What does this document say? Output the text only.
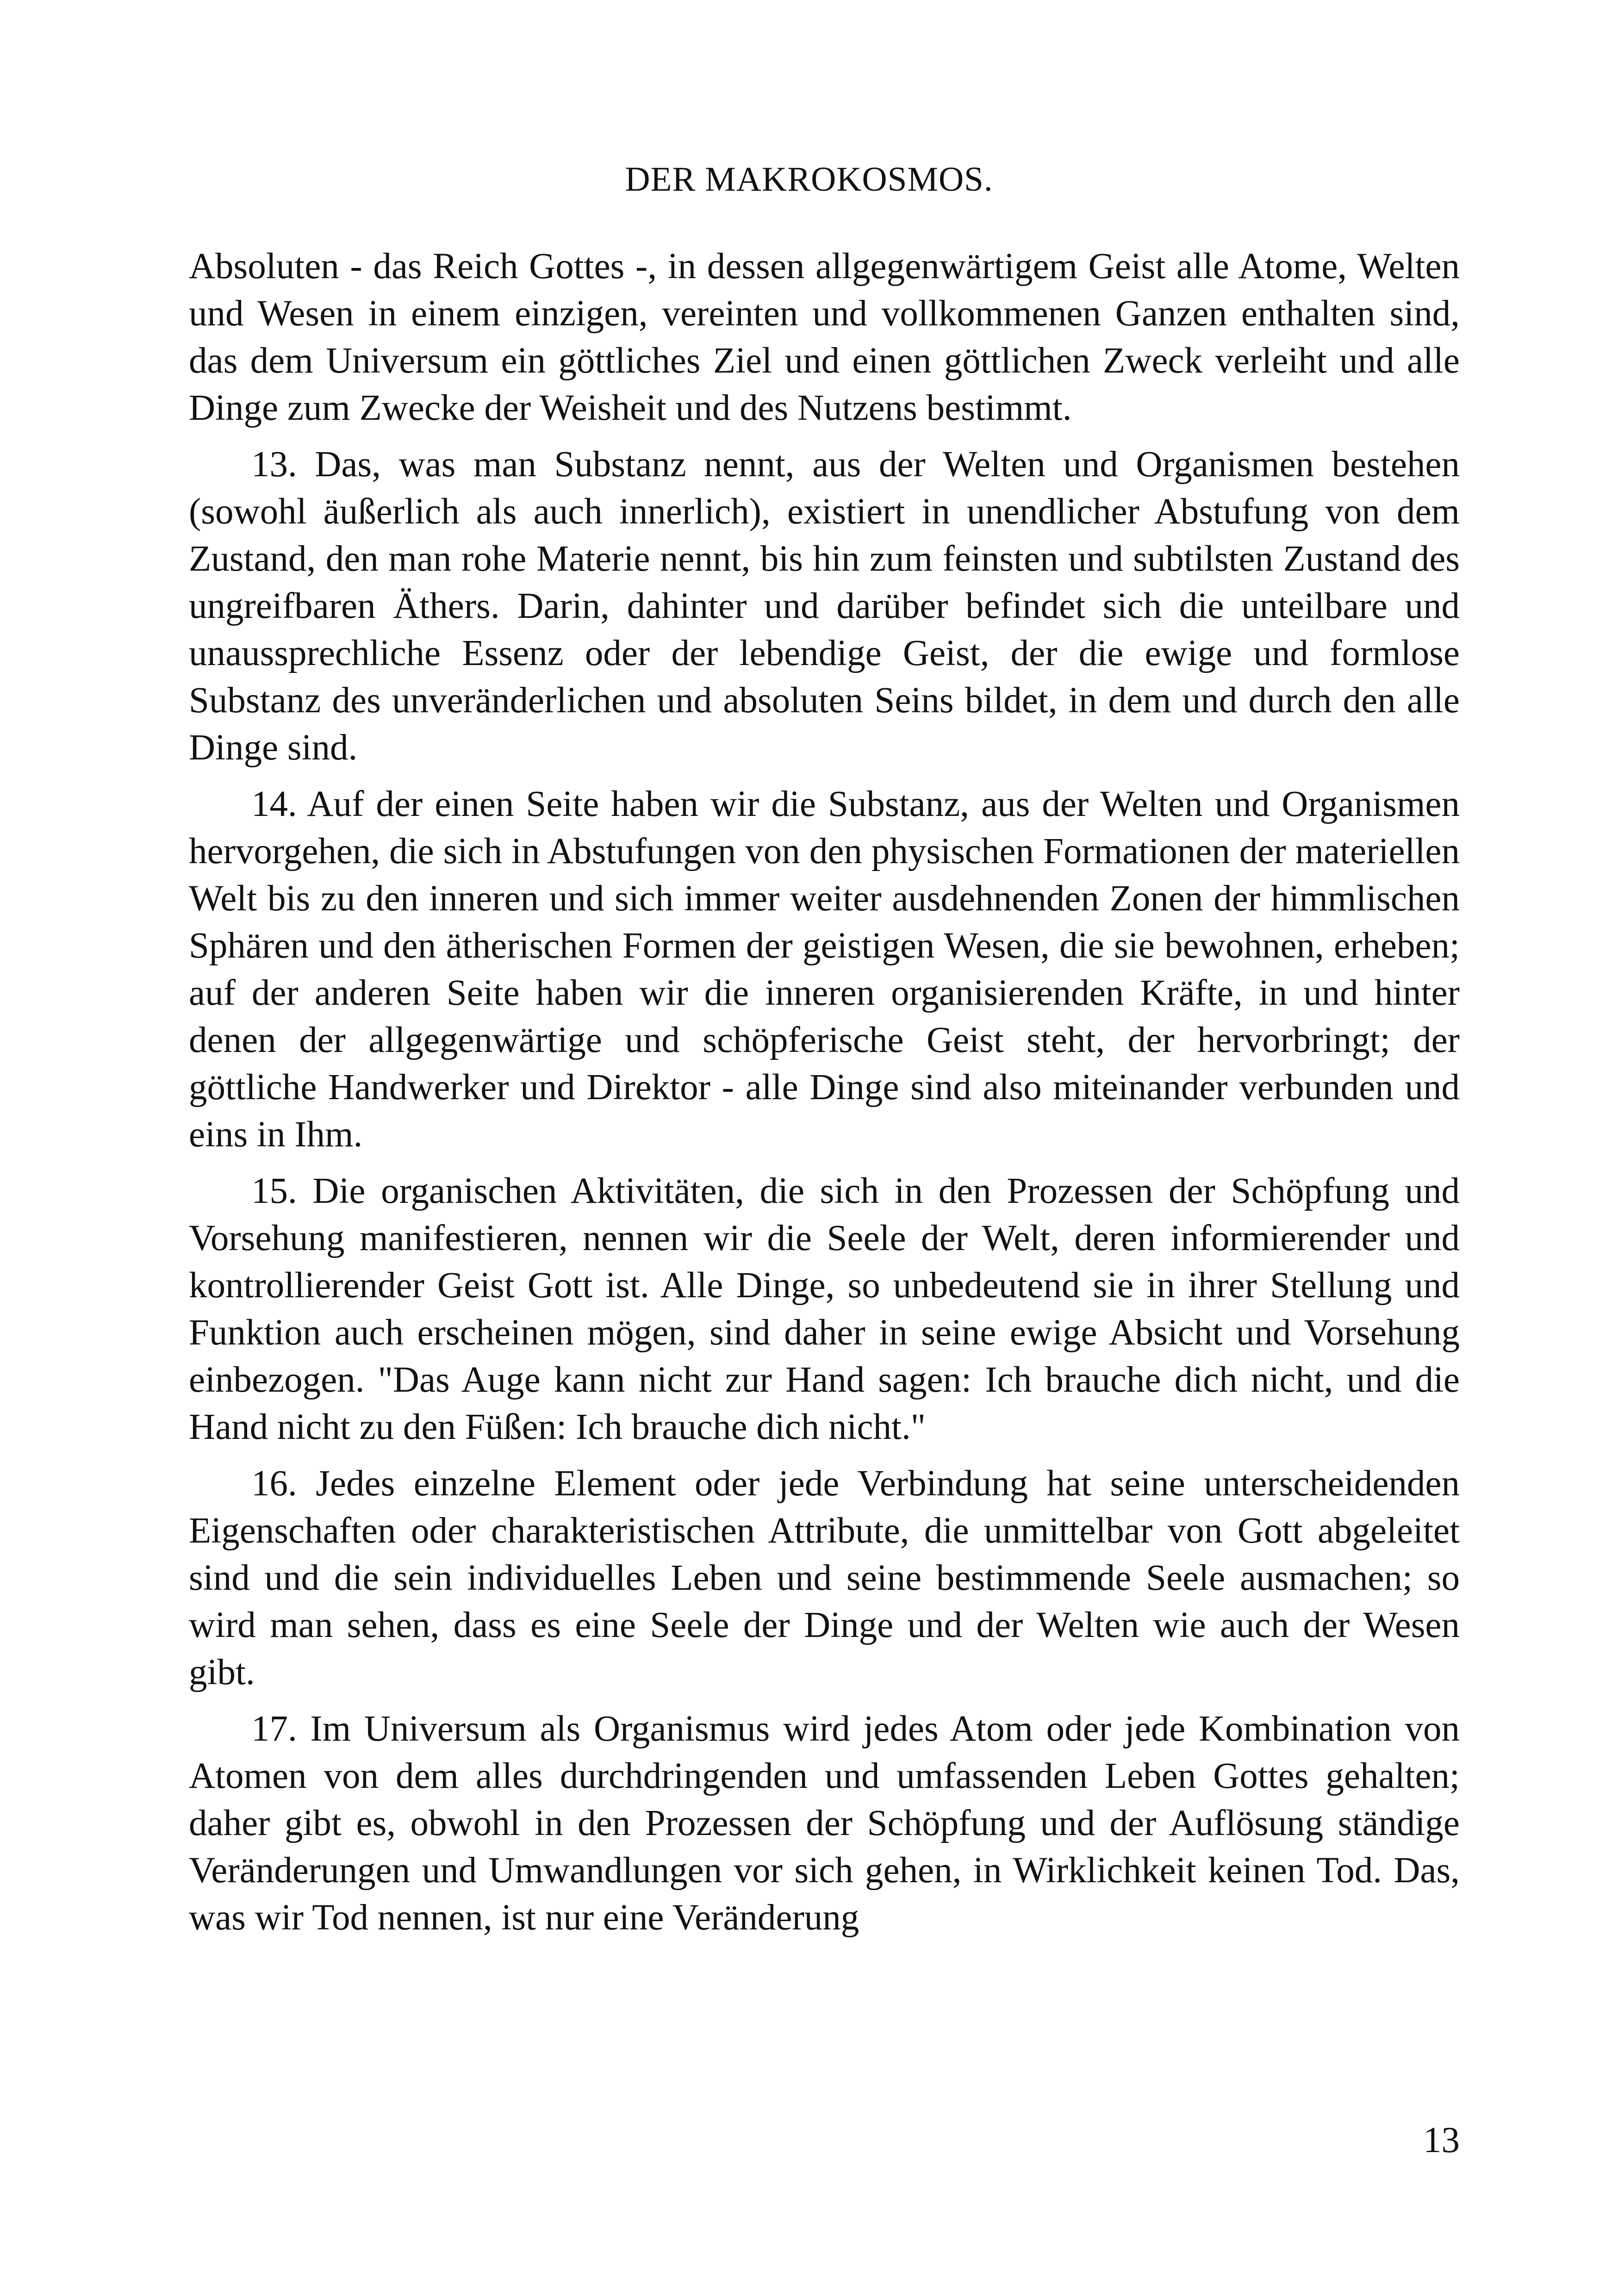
DER MAKROKOSMOS.

Absoluten - das Reich Gottes -, in dessen allgegenwärtigem Geist alle Atome, Welten und Wesen in einem einzigen, vereinten und vollkommenen Ganzen enthalten sind, das dem Universum ein göttliches Ziel und einen göttlichen Zweck verleiht und alle Dinge zum Zwecke der Weisheit und des Nutzens bestimmt.

13. Das, was man Substanz nennt, aus der Welten und Organismen bestehen (sowohl äußerlich als auch innerlich), existiert in unendlicher Abstufung von dem Zustand, den man rohe Materie nennt, bis hin zum feinsten und subtilsten Zustand des ungreifbaren Äthers. Darin, dahinter und darüber befindet sich die unteilbare und unaussprechliche Essenz oder der lebendige Geist, der die ewige und formlose Substanz des unveränderlichen und absoluten Seins bildet, in dem und durch den alle Dinge sind.

14. Auf der einen Seite haben wir die Substanz, aus der Welten und Organismen hervorgehen, die sich in Abstufungen von den physischen Formationen der materiellen Welt bis zu den inneren und sich immer weiter ausdehnenden Zonen der himmlischen Sphären und den ätherischen Formen der geistigen Wesen, die sie bewohnen, erheben; auf der anderen Seite haben wir die inneren organisierenden Kräfte, in und hinter denen der allgegenwärtige und schöpferische Geist steht, der hervorbringt; der göttliche Handwerker und Direktor - alle Dinge sind also miteinander verbunden und eins in Ihm.

15. Die organischen Aktivitäten, die sich in den Prozessen der Schöpfung und Vorsehung manifestieren, nennen wir die Seele der Welt, deren informierender und kontrollierender Geist Gott ist. Alle Dinge, so unbedeutend sie in ihrer Stellung und Funktion auch erscheinen mögen, sind daher in seine ewige Absicht und Vorsehung einbezogen. "Das Auge kann nicht zur Hand sagen: Ich brauche dich nicht, und die Hand nicht zu den Füßen: Ich brauche dich nicht."

16. Jedes einzelne Element oder jede Verbindung hat seine unterscheidenden Eigenschaften oder charakteristischen Attribute, die unmittelbar von Gott abgeleitet sind und die sein individuelles Leben und seine bestimmende Seele ausmachen; so wird man sehen, dass es eine Seele der Dinge und der Welten wie auch der Wesen gibt.

17. Im Universum als Organismus wird jedes Atom oder jede Kombination von Atomen von dem alles durchdringenden und umfassenden Leben Gottes gehalten; daher gibt es, obwohl in den Prozessen der Schöpfung und der Auflösung ständige Veränderungen und Umwandlungen vor sich gehen, in Wirklichkeit keinen Tod. Das, was wir Tod nennen, ist nur eine Veränderung

13
